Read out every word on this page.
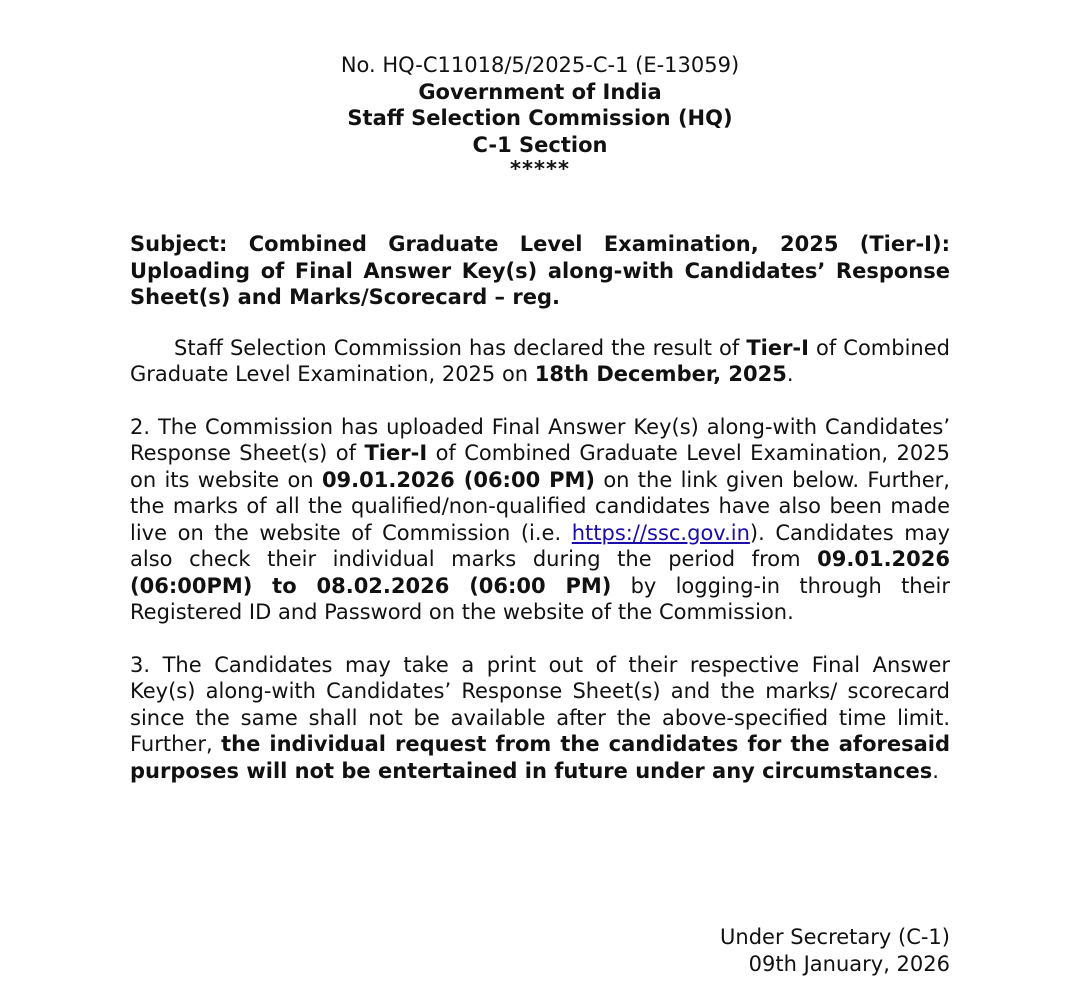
No. HQ-C11018/5/2025-C-1 (E-13059)
Government of India
Staff Selection Commission (HQ)
C-1 Section
*****
Subject: Combined Graduate Level Examination, 2025 (Tier-I): Uploading of Final Answer Key(s) along-with Candidates’ Response Sheet(s) and Marks/Scorecard – reg.
Staff Selection Commission has declared the result of Tier-I of Combined Graduate Level Examination, 2025 on 18th December, 2025.
2. The Commission has uploaded Final Answer Key(s) along-with Candidates’ Response Sheet(s) of Tier-I of Combined Graduate Level Examination, 2025 on its website on 09.01.2026 (06:00 PM) on the link given below. Further, the marks of all the qualified/non-qualified candidates have also been made live on the website of Commission (i.e. https://ssc.gov.in). Candidates may also check their individual marks during the period from 09.01.2026 (06:00PM) to 08.02.2026 (06:00 PM) by logging-in through their Registered ID and Password on the website of the Commission.
3. The Candidates may take a print out of their respective Final Answer Key(s) along-with Candidates’ Response Sheet(s) and the marks/ scorecard since the same shall not be available after the above-specified time limit. Further, the individual request from the candidates for the aforesaid purposes will not be entertained in future under any circumstances.
Under Secretary (C-1)
09th January, 2026
